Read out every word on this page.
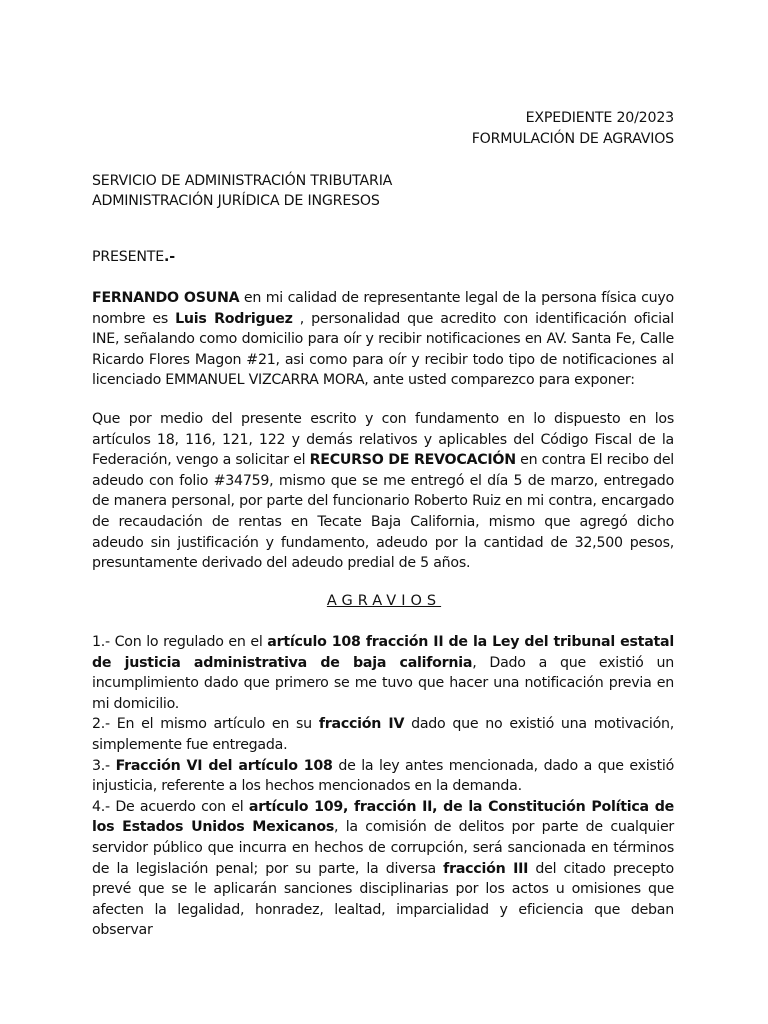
EXPEDIENTE 20/2023
FORMULACIÓN DE AGRAVIOS
SERVICIO DE ADMINISTRACIÓN TRIBUTARIA
ADMINISTRACIÓN JURÍDICA DE INGRESOS
PRESENTE.-
FERNANDO OSUNA en mi calidad de representante legal de la persona física cuyo nombre es Luis Rodriguez , personalidad que acredito con identificación oficial INE, señalando como domicilio para oír y recibir notificaciones en AV. Santa Fe, Calle Ricardo Flores Magon #21, asi como para oír y recibir todo tipo de notificaciones al licenciado EMMANUEL VIZCARRA MORA, ante usted comparezco para exponer:
Que por medio del presente escrito y con fundamento en lo dispuesto en los artículos 18, 116, 121, 122 y demás relativos y aplicables del Código Fiscal de la Federación, vengo a solicitar el RECURSO DE REVOCACIÓN en contra El recibo del adeudo con folio #34759, mismo que se me entregó el día 5 de marzo, entregado de manera personal, por parte del funcionario Roberto Ruiz en mi contra, encargado de recaudación de rentas en Tecate Baja California, mismo que agregó dicho adeudo sin justificación y fundamento, adeudo por la cantidad de 32,500 pesos, presuntamente derivado del adeudo predial de 5 años.
AGRAVIOS

1.- Con lo regulado en el artículo 108 fracción II de la Ley del tribunal estatal de justicia administrativa de baja california, Dado a que existió un incumplimiento dado que primero se me tuvo que hacer una notificación previa en mi domicilio.

2.- En el mismo artículo en su fracción IV dado que no existió una motivación, simplemente fue entregada.

3.- Fracción VI del artículo 108 de la ley antes mencionada, dado a que existió injusticia, referente a los hechos mencionados en la demanda.

4.- De acuerdo con el artículo 109, fracción II, de la Constitución Política de los Estados Unidos Mexicanos, la comisión de delitos por parte de cualquier servidor público que incurra en hechos de corrupción, será sancionada en términos de la legislación penal; por su parte, la diversa fracción III del citado precepto prevé que se le aplicarán sanciones disciplinarias por los actos u omisiones que afecten la legalidad, honradez, lealtad, imparcialidad y eficiencia que deban observar
